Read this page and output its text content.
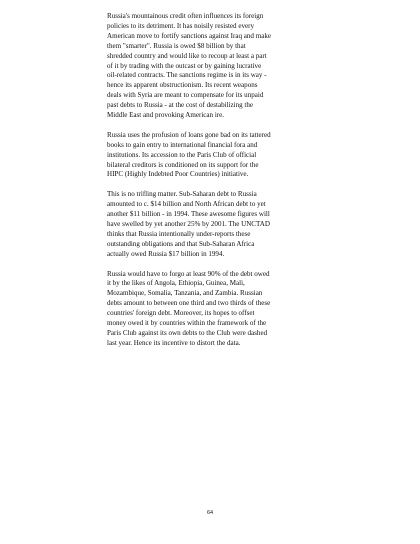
Russia's mountainous credit often influences its foreign
policies to its detriment. It has noisily resisted every
American move to fortify sanctions against Iraq and make
them "smarter". Russia is owed $8 billion by that
shredded country and would like to recoup at least a part
of it by trading with the outcast or by gaining lucrative
oil-related contracts. The sanctions regime is in its way -
hence its apparent obstructionism. Its recent weapons
deals with Syria are meant to compensate for its unpaid
past debts to Russia - at the cost of destabilizing the
Middle East and provoking American ire.

Russia uses the profusion of loans gone bad on its tattered
books to gain entry to international financial fora and
institutions. Its accession to the Paris Club of official
bilateral creditors is conditioned on its support for the
HIPC (Highly Indebted Poor Countries) initiative.

This is no trifling matter. Sub-Saharan debt to Russia
amounted to c. $14 billion and North African debt to yet
another $11 billion - in 1994. These awesome figures will
have swelled by yet another 25% by 2001. The UNCTAD
thinks that Russia intentionally under-reports these
outstanding obligations and that Sub-Saharan Africa
actually owed Russia $17 billion in 1994.

Russia would have to forgo at least 90% of the debt owed
it by the likes of Angola, Ethiopia, Guinea, Mali,
Mozambique, Somalia, Tanzania, and Zambia. Russian
debts amount to between one third and two thirds of these
countries' foreign debt. Moreover, its hopes to offset
money owed it by countries within the framework of the
Paris Club against its own debts to the Club were dashed
last year. Hence its incentive to distort the data.

64
